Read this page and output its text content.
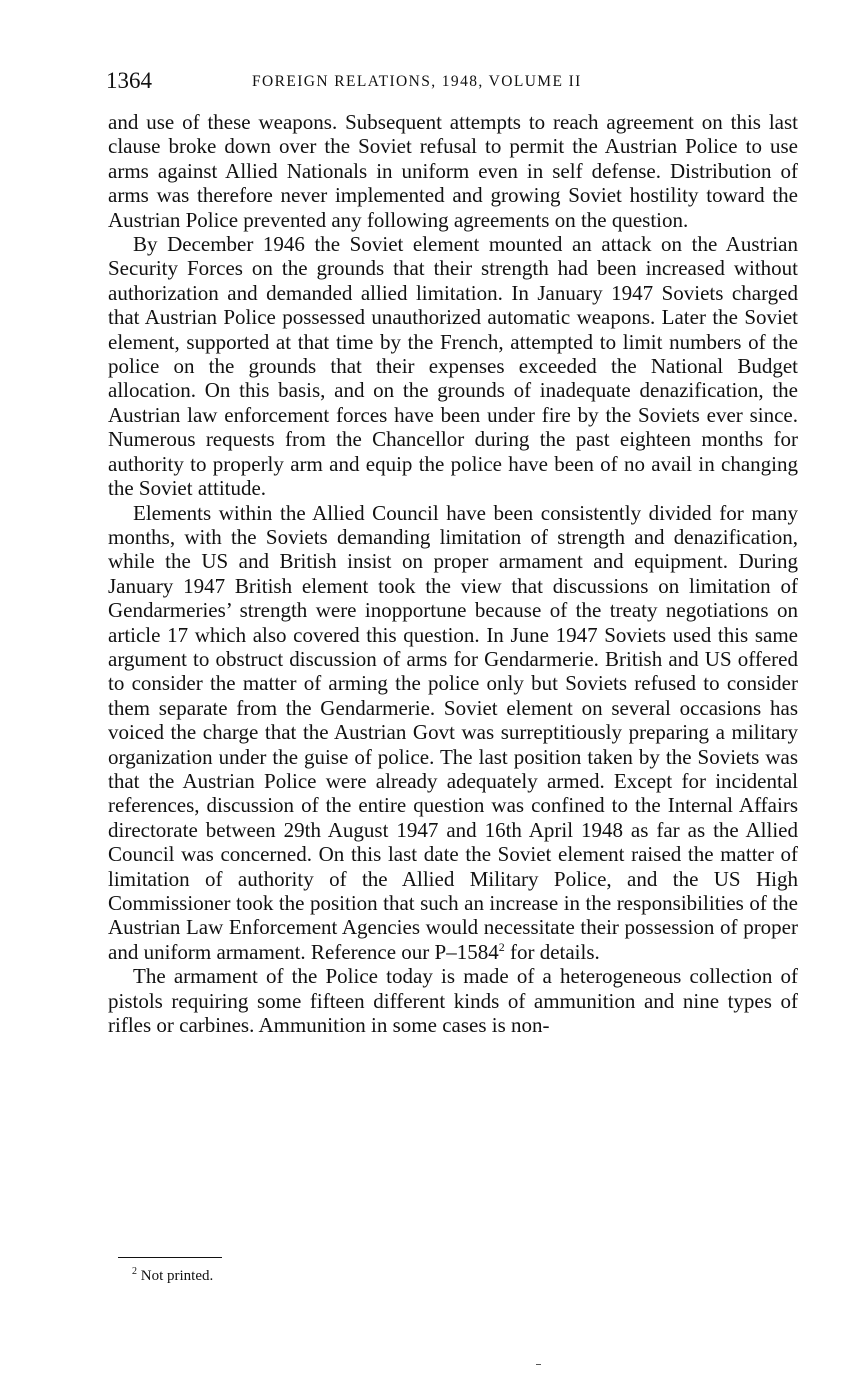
1364	FOREIGN RELATIONS, 1948, VOLUME II

and use of these weapons. Subsequent attempts to reach agreement on this last clause broke down over the Soviet refusal to permit the Austrian Police to use arms against Allied Nationals in uniform even in self defense. Distribution of arms was therefore never implemented and growing Soviet hostility toward the Austrian Police prevented any following agreements on the question.

By December 1946 the Soviet element mounted an attack on the Austrian Security Forces on the grounds that their strength had been increased without authorization and demanded allied limitation. In January 1947 Soviets charged that Austrian Police possessed unauthorized automatic weapons. Later the Soviet element, supported at that time by the French, attempted to limit numbers of the police on the grounds that their expenses exceeded the National Budget allocation. On this basis, and on the grounds of inadequate denazification, the Austrian law enforcement forces have been under fire by the Soviets ever since. Numerous requests from the Chancellor during the past eighteen months for authority to properly arm and equip the police have been of no avail in changing the Soviet attitude.

Elements within the Allied Council have been consistently divided for many months, with the Soviets demanding limitation of strength and denazification, while the US and British insist on proper armament and equipment. During January 1947 British element took the view that discussions on limitation of Gendarmeries’ strength were inopportune because of the treaty negotiations on article 17 which also covered this question. In June 1947 Soviets used this same argument to obstruct discussion of arms for Gendarmerie. British and US offered to consider the matter of arming the police only but Soviets refused to consider them separate from the Gendarmerie. Soviet element on several occasions has voiced the charge that the Austrian Govt was surreptitiously preparing a military organization under the guise of police. The last position taken by the Soviets was that the Austrian Police were already adequately armed. Except for incidental references, discussion of the entire question was confined to the Internal Affairs directorate between 29th August 1947 and 16th April 1948 as far as the Allied Council was concerned. On this last date the Soviet element raised the matter of limitation of authority of the Allied Military Police, and the US High Commissioner took the position that such an increase in the responsibilities of the Austrian Law Enforcement Agencies would necessitate their possession of proper and uniform armament. Reference our P–1584$^2$ for details.

The armament of the Police today is made of a heterogeneous collection of pistols requiring some fifteen different kinds of ammunition and nine types of rifles or carbines. Ammunition in some cases is non-

$^2$ Not printed.
